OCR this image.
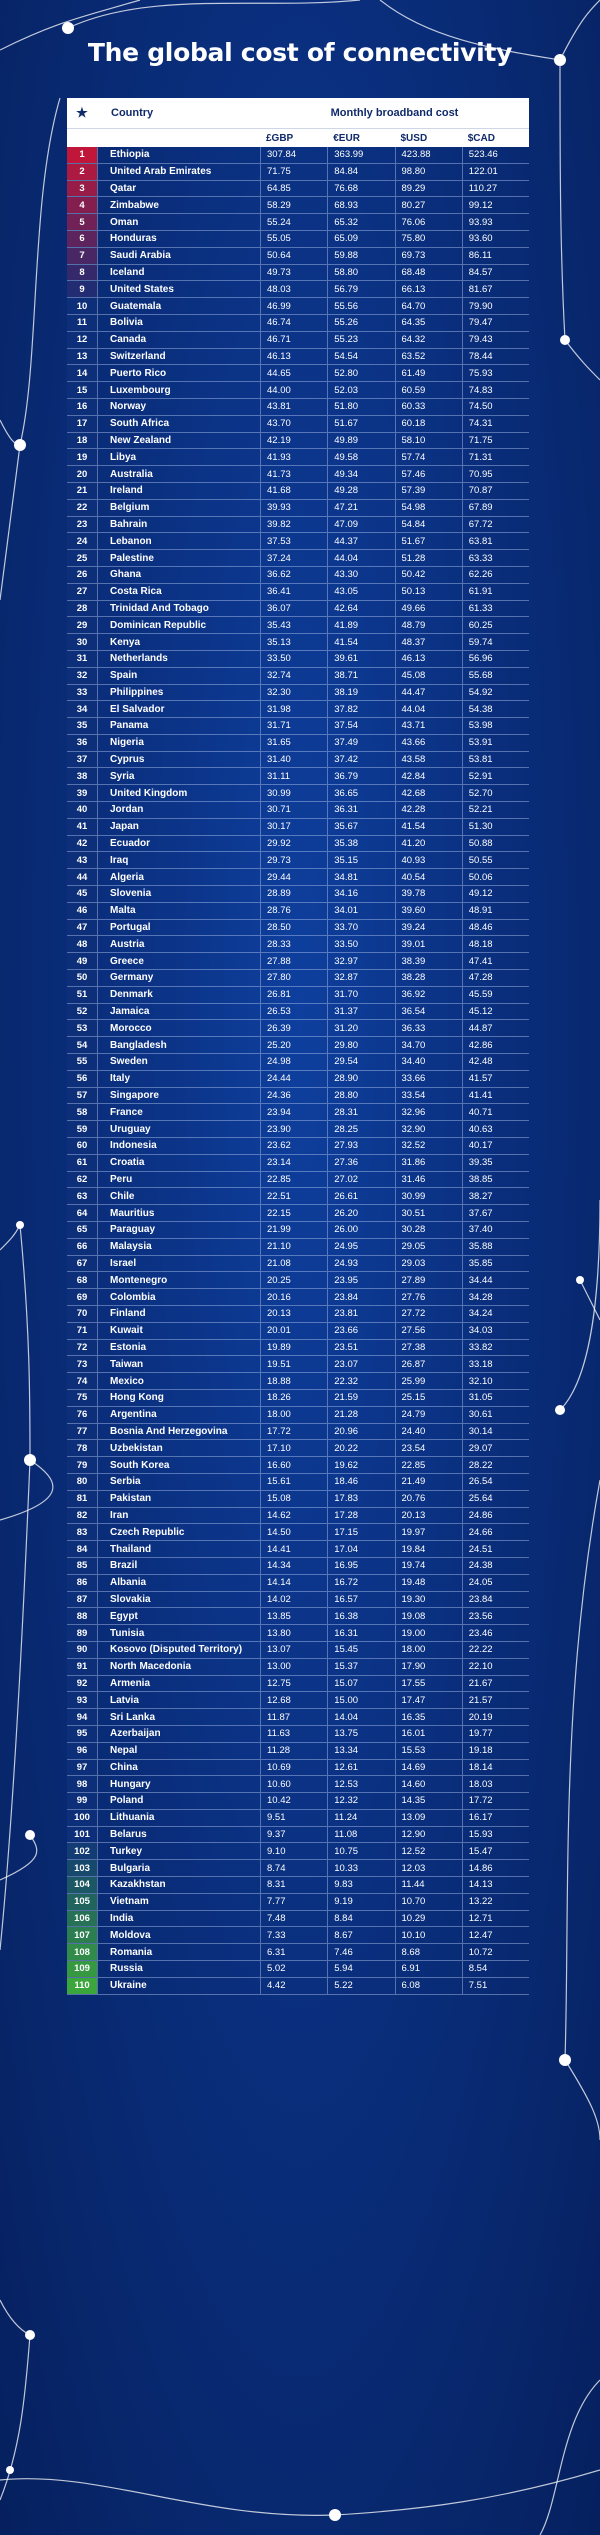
The global cost of connectivity
★	Country	Monthly broadband cost
£GBP	€EUR	$USD	$CAD
1	Ethiopia	307.84	363.99	423.88	523.46
2	United Arab Emirates	71.75	84.84	98.80	122.01
3	Qatar	64.85	76.68	89.29	110.27
4	Zimbabwe	58.29	68.93	80.27	99.12
5	Oman	55.24	65.32	76.06	93.93
6	Honduras	55.05	65.09	75.80	93.60
7	Saudi Arabia	50.64	59.88	69.73	86.11
8	Iceland	49.73	58.80	68.48	84.57
9	United States	48.03	56.79	66.13	81.67
10	Guatemala	46.99	55.56	64.70	79.90
11	Bolivia	46.74	55.26	64.35	79.47
12	Canada	46.71	55.23	64.32	79.43
13	Switzerland	46.13	54.54	63.52	78.44
14	Puerto Rico	44.65	52.80	61.49	75.93
15	Luxembourg	44.00	52.03	60.59	74.83
16	Norway	43.81	51.80	60.33	74.50
17	South Africa	43.70	51.67	60.18	74.31
18	New Zealand	42.19	49.89	58.10	71.75
19	Libya	41.93	49.58	57.74	71.31
20	Australia	41.73	49.34	57.46	70.95
21	Ireland	41.68	49.28	57.39	70.87
22	Belgium	39.93	47.21	54.98	67.89
23	Bahrain	39.82	47.09	54.84	67.72
24	Lebanon	37.53	44.37	51.67	63.81
25	Palestine	37.24	44.04	51.28	63.33
26	Ghana	36.62	43.30	50.42	62.26
27	Costa Rica	36.41	43.05	50.13	61.91
28	Trinidad And Tobago	36.07	42.64	49.66	61.33
29	Dominican Republic	35.43	41.89	48.79	60.25
30	Kenya	35.13	41.54	48.37	59.74
31	Netherlands	33.50	39.61	46.13	56.96
32	Spain	32.74	38.71	45.08	55.68
33	Philippines	32.30	38.19	44.47	54.92
34	El Salvador	31.98	37.82	44.04	54.38
35	Panama	31.71	37.54	43.71	53.98
36	Nigeria	31.65	37.49	43.66	53.91
37	Cyprus	31.40	37.42	43.58	53.81
38	Syria	31.11	36.79	42.84	52.91
39	United Kingdom	30.99	36.65	42.68	52.70
40	Jordan	30.71	36.31	42.28	52.21
41	Japan	30.17	35.67	41.54	51.30
42	Ecuador	29.92	35.38	41.20	50.88
43	Iraq	29.73	35.15	40.93	50.55
44	Algeria	29.44	34.81	40.54	50.06
45	Slovenia	28.89	34.16	39.78	49.12
46	Malta	28.76	34.01	39.60	48.91
47	Portugal	28.50	33.70	39.24	48.46
48	Austria	28.33	33.50	39.01	48.18
49	Greece	27.88	32.97	38.39	47.41
50	Germany	27.80	32.87	38.28	47.28
51	Denmark	26.81	31.70	36.92	45.59
52	Jamaica	26.53	31.37	36.54	45.12
53	Morocco	26.39	31.20	36.33	44.87
54	Bangladesh	25.20	29.80	34.70	42.86
55	Sweden	24.98	29.54	34.40	42.48
56	Italy	24.44	28.90	33.66	41.57
57	Singapore	24.36	28.80	33.54	41.41
58	France	23.94	28.31	32.96	40.71
59	Uruguay	23.90	28.25	32.90	40.63
60	Indonesia	23.62	27.93	32.52	40.17
61	Croatia	23.14	27.36	31.86	39.35
62	Peru	22.85	27.02	31.46	38.85
63	Chile	22.51	26.61	30.99	38.27
64	Mauritius	22.15	26.20	30.51	37.67
65	Paraguay	21.99	26.00	30.28	37.40
66	Malaysia	21.10	24.95	29.05	35.88
67	Israel	21.08	24.93	29.03	35.85
68	Montenegro	20.25	23.95	27.89	34.44
69	Colombia	20.16	23.84	27.76	34.28
70	Finland	20.13	23.81	27.72	34.24
71	Kuwait	20.01	23.66	27.56	34.03
72	Estonia	19.89	23.51	27.38	33.82
73	Taiwan	19.51	23.07	26.87	33.18
74	Mexico	18.88	22.32	25.99	32.10
75	Hong Kong	18.26	21.59	25.15	31.05
76	Argentina	18.00	21.28	24.79	30.61
77	Bosnia And Herzegovina	17.72	20.96	24.40	30.14
78	Uzbekistan	17.10	20.22	23.54	29.07
79	South Korea	16.60	19.62	22.85	28.22
80	Serbia	15.61	18.46	21.49	26.54
81	Pakistan	15.08	17.83	20.76	25.64
82	Iran	14.62	17.28	20.13	24.86
83	Czech Republic	14.50	17.15	19.97	24.66
84	Thailand	14.41	17.04	19.84	24.51
85	Brazil	14.34	16.95	19.74	24.38
86	Albania	14.14	16.72	19.48	24.05
87	Slovakia	14.02	16.57	19.30	23.84
88	Egypt	13.85	16.38	19.08	23.56
89	Tunisia	13.80	16.31	19.00	23.46
90	Kosovo (Disputed Territory)	13.07	15.45	18.00	22.22
91	North Macedonia	13.00	15.37	17.90	22.10
92	Armenia	12.75	15.07	17.55	21.67
93	Latvia	12.68	15.00	17.47	21.57
94	Sri Lanka	11.87	14.04	16.35	20.19
95	Azerbaijan	11.63	13.75	16.01	19.77
96	Nepal	11.28	13.34	15.53	19.18
97	China	10.69	12.61	14.69	18.14
98	Hungary	10.60	12.53	14.60	18.03
99	Poland	10.42	12.32	14.35	17.72
100	Lithuania	9.51	11.24	13.09	16.17
101	Belarus	9.37	11.08	12.90	15.93
102	Turkey	9.10	10.75	12.52	15.47
103	Bulgaria	8.74	10.33	12.03	14.86
104	Kazakhstan	8.31	9.83	11.44	14.13
105	Vietnam	7.77	9.19	10.70	13.22
106	India	7.48	8.84	10.29	12.71
107	Moldova	7.33	8.67	10.10	12.47
108	Romania	6.31	7.46	8.68	10.72
109	Russia	5.02	5.94	6.91	8.54
110	Ukraine	4.42	5.22	6.08	7.51
